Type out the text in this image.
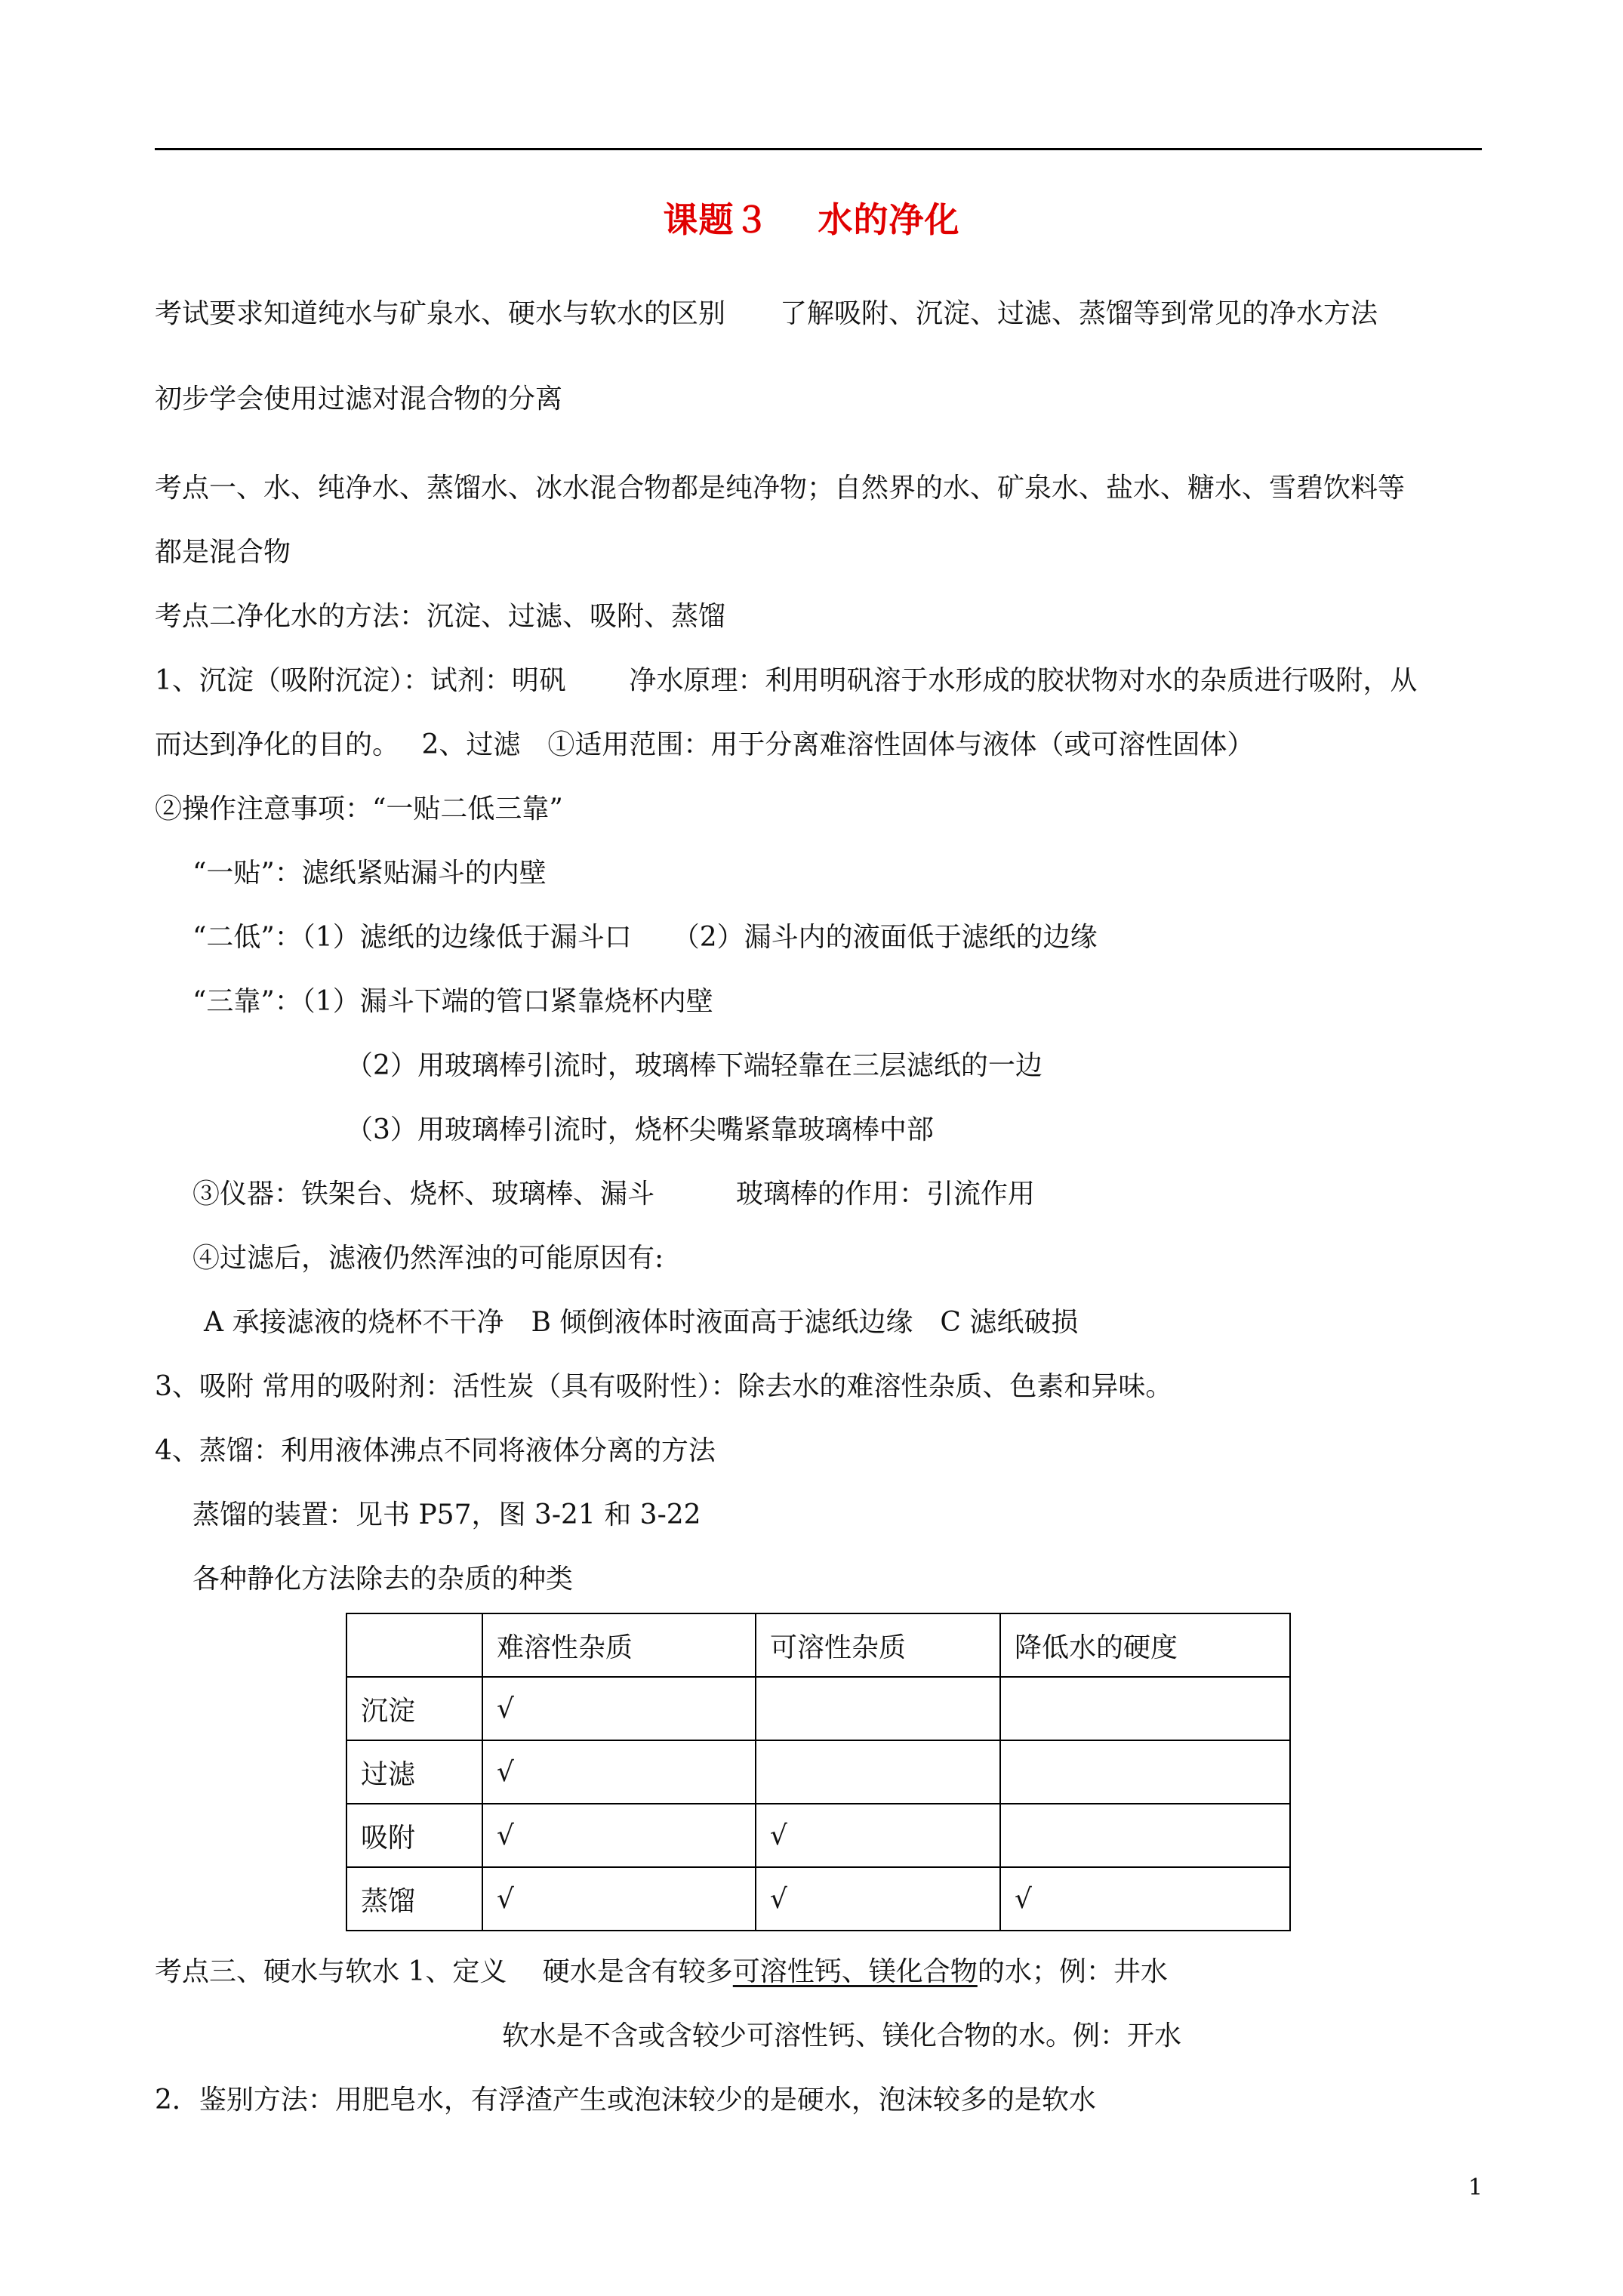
课题３　 水的净化
考试要求知道纯水与矿泉水、硬水与软水的区别　　了解吸附、沉淀、过滤、蒸馏等到常见的净水方法
初步学会使用过滤对混合物的分离
考点一、水、纯净水、蒸馏水、冰水混合物都是纯净物；自然界的水、矿泉水、盐水、糖水、雪碧饮料等
都是混合物
考点二净化水的方法：沉淀、过滤、吸附、蒸馏
1、沉淀（吸附沉淀）：试剂：明矾　　 净水原理：利用明矾溶于水形成的胶状物对水的杂质进行吸附，从
而达到净化的目的。　 2、过滤　①适用范围：用于分离难溶性固体与液体（或可溶性固体）
②操作注意事项：“一贴二低三靠”
“一贴”：滤纸紧贴漏斗的内壁
“二低”：（1）滤纸的边缘低于漏斗口　　（2）漏斗内的液面低于滤纸的边缘
“三靠”：（1）漏斗下端的管口紧靠烧杯内壁
（2）用玻璃棒引流时，玻璃棒下端轻靠在三层滤纸的一边
（3）用玻璃棒引流时，烧杯尖嘴紧靠玻璃棒中部
③仪器：铁架台、烧杯、玻璃棒、漏斗　　　玻璃棒的作用：引流作用
④过滤后，滤液仍然浑浊的可能原因有:
A 承接滤液的烧杯不干净　B 倾倒液体时液面高于滤纸边缘　C 滤纸破损
3、吸附 常用的吸附剂：活性炭（具有吸附性）：除去水的难溶性杂质、色素和异味。
4、蒸馏：利用液体沸点不同将液体分离的方法
蒸馏的装置：见书 P57，图 3-21 和 3-22
各种静化方法除去的杂质的种类
	难溶性杂质	可溶性杂质	降低水的硬度
沉淀	√		
过滤	√		
吸附	√	√	
蒸馏	√	√	√
考点三、硬水与软水 1、定义　 硬水是含有较多可溶性钙、镁化合物的水；例：井水
软水是不含或含较少可溶性钙、镁化合物的水。例：开水
2．鉴别方法：用肥皂水，有浮渣产生或泡沫较少的是硬水，泡沫较多的是软水
1
